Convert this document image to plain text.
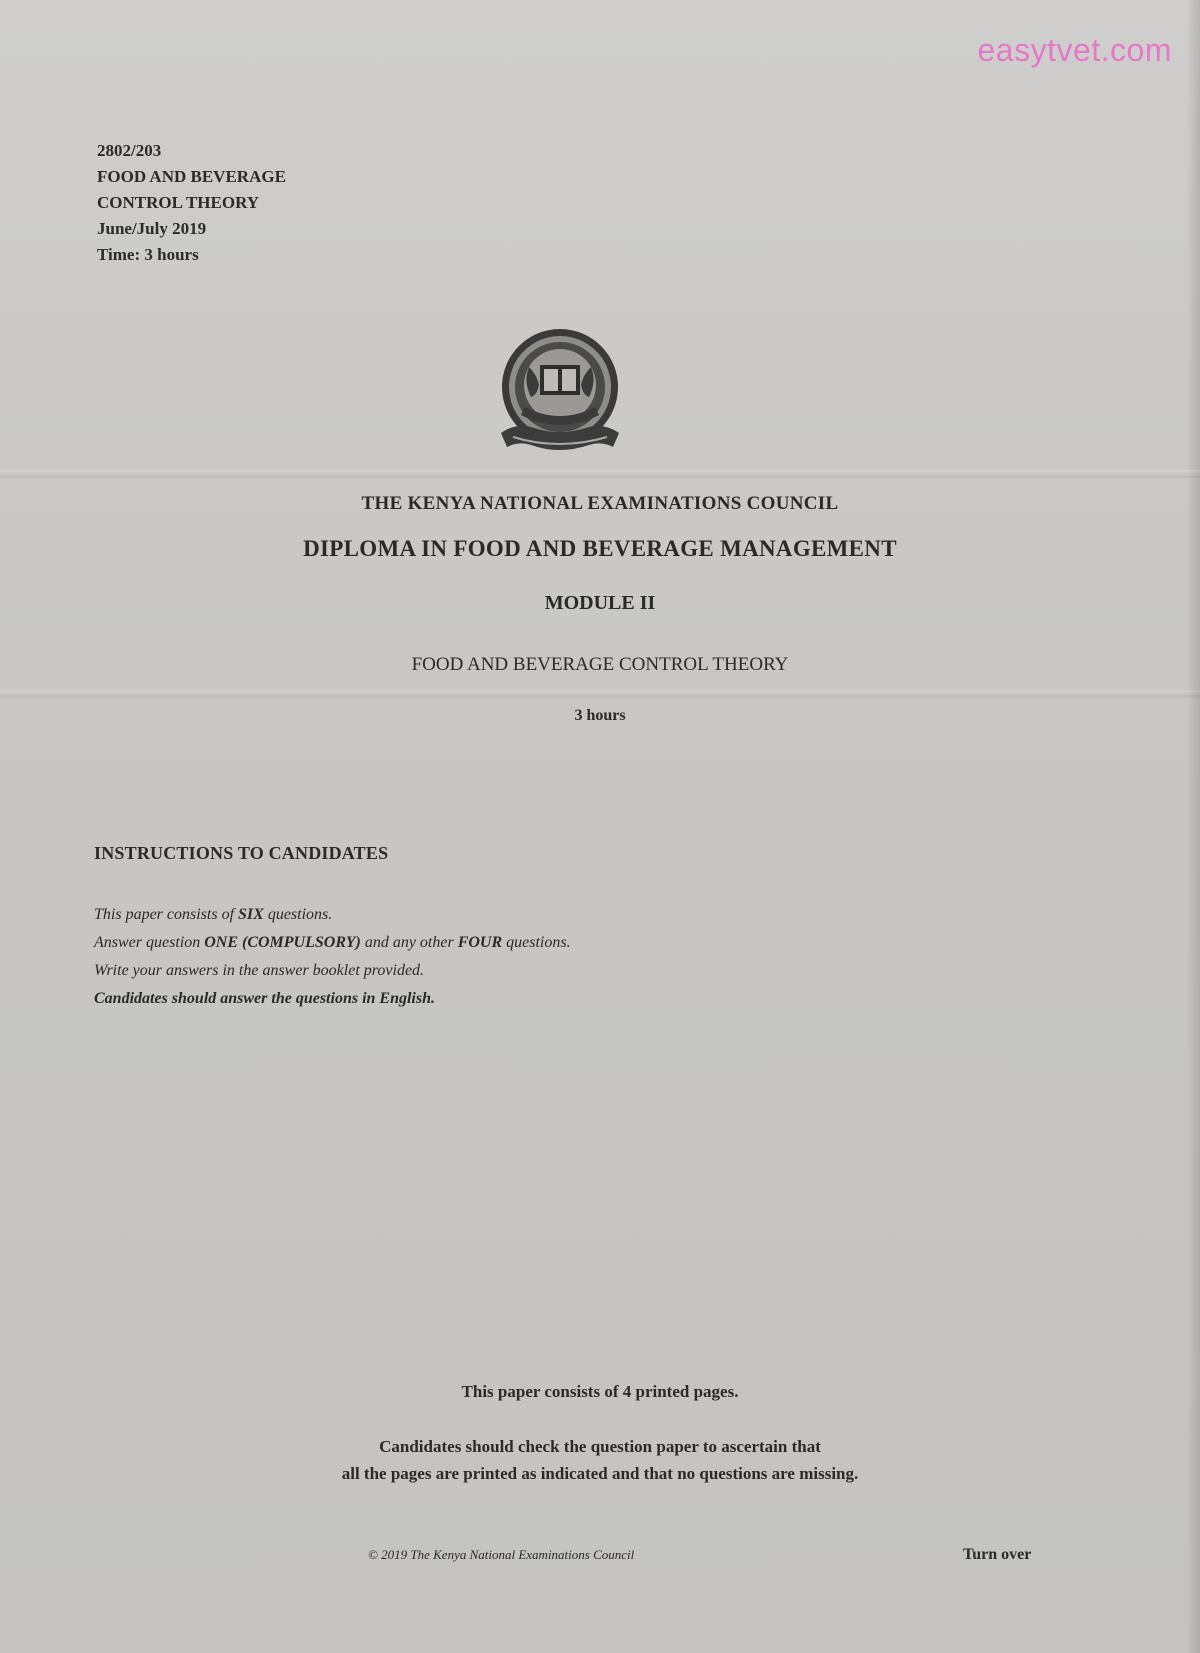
easytvet.com
2802/203
FOOD AND BEVERAGE
CONTROL THEORY
June/July 2019
Time: 3 hours
THE KENYA NATIONAL EXAMINATIONS COUNCIL
DIPLOMA IN FOOD AND BEVERAGE MANAGEMENT
MODULE II
FOOD AND BEVERAGE CONTROL THEORY
3 hours
INSTRUCTIONS TO CANDIDATES
This paper consists of SIX questions.
Answer question ONE (COMPULSORY) and any other FOUR questions.
Write your answers in the answer booklet provided.
Candidates should answer the questions in English.
This paper consists of 4 printed pages.
Candidates should check the question paper to ascertain that
all the pages are printed as indicated and that no questions are missing.
© 2019 The Kenya National Examinations Council	Turn over
